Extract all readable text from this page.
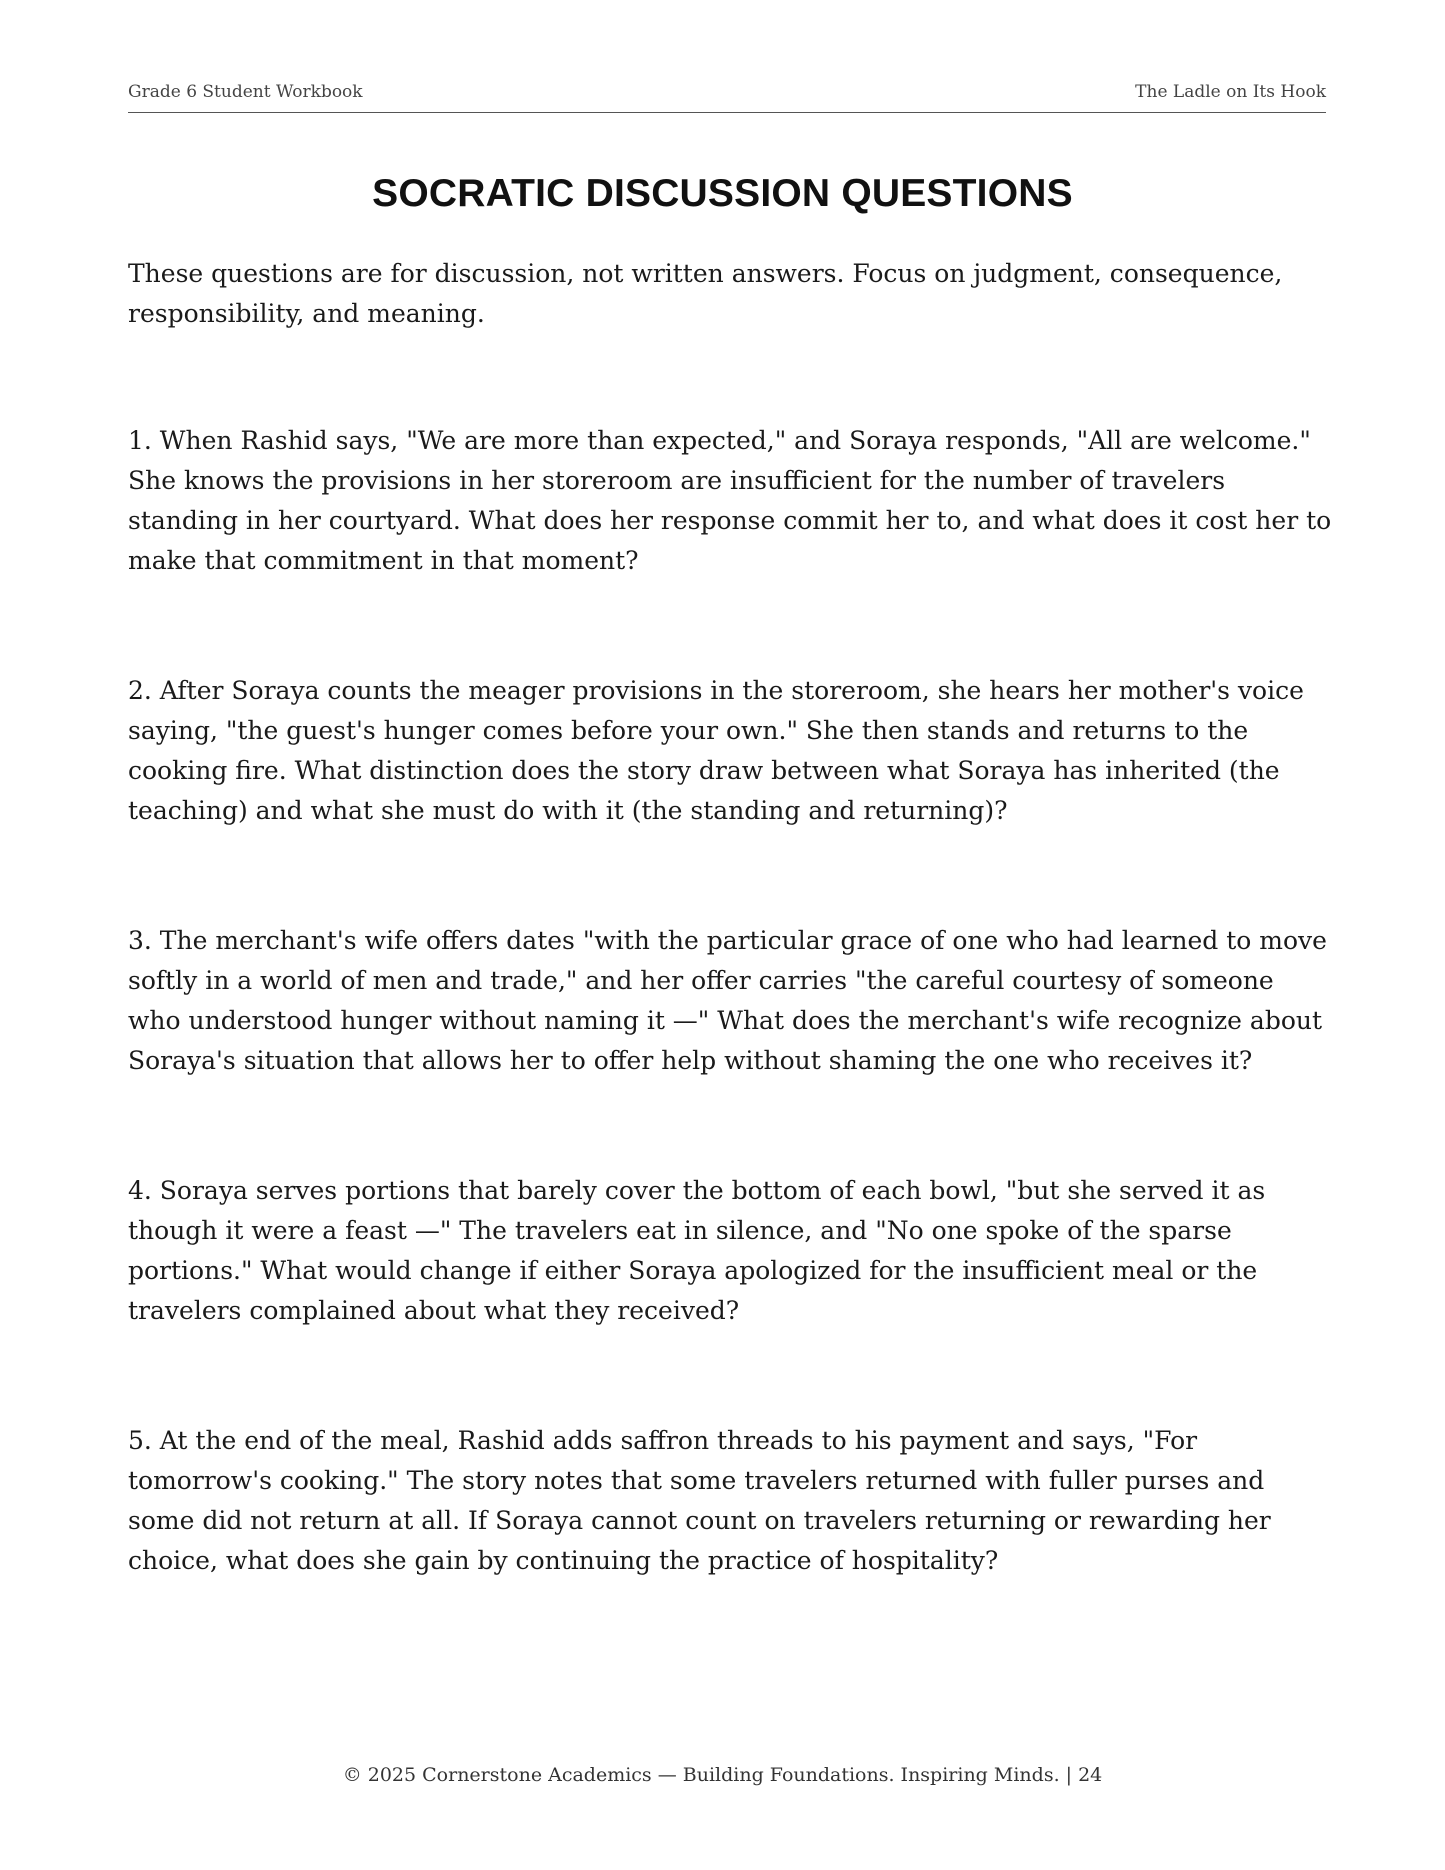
Grade 6 Student Workbook	The Ladle on Its Hook
SOCRATIC DISCUSSION QUESTIONS

These questions are for discussion, not written answers. Focus on judgment, consequence, responsibility, and meaning.

1. When Rashid says, "We are more than expected," and Soraya responds, "All are welcome." She knows the provisions in her storeroom are insufficient for the number of travelers standing in her courtyard. What does her response commit her to, and what does it cost her to make that commitment in that moment?
2. After Soraya counts the meager provisions in the storeroom, she hears her mother's voice saying, "the guest's hunger comes before your own." She then stands and returns to the cooking fire. What distinction does the story draw between what Soraya has inherited (the teaching) and what she must do with it (the standing and returning)?
3. The merchant's wife offers dates "with the particular grace of one who had learned to move softly in a world of men and trade," and her offer carries "the careful courtesy of someone who understood hunger without naming it —" What does the merchant's wife recognize about Soraya's situation that allows her to offer help without shaming the one who receives it?
4. Soraya serves portions that barely cover the bottom of each bowl, "but she served it as though it were a feast —" The travelers eat in silence, and "No one spoke of the sparse portions." What would change if either Soraya apologized for the insufficient meal or the travelers complained about what they received?
5. At the end of the meal, Rashid adds saffron threads to his payment and says, "For tomorrow's cooking." The story notes that some travelers returned with fuller purses and some did not return at all. If Soraya cannot count on travelers returning or rewarding her choice, what does she gain by continuing the practice of hospitality?
© 2025 Cornerstone Academics — Building Foundations. Inspiring Minds. | 24
